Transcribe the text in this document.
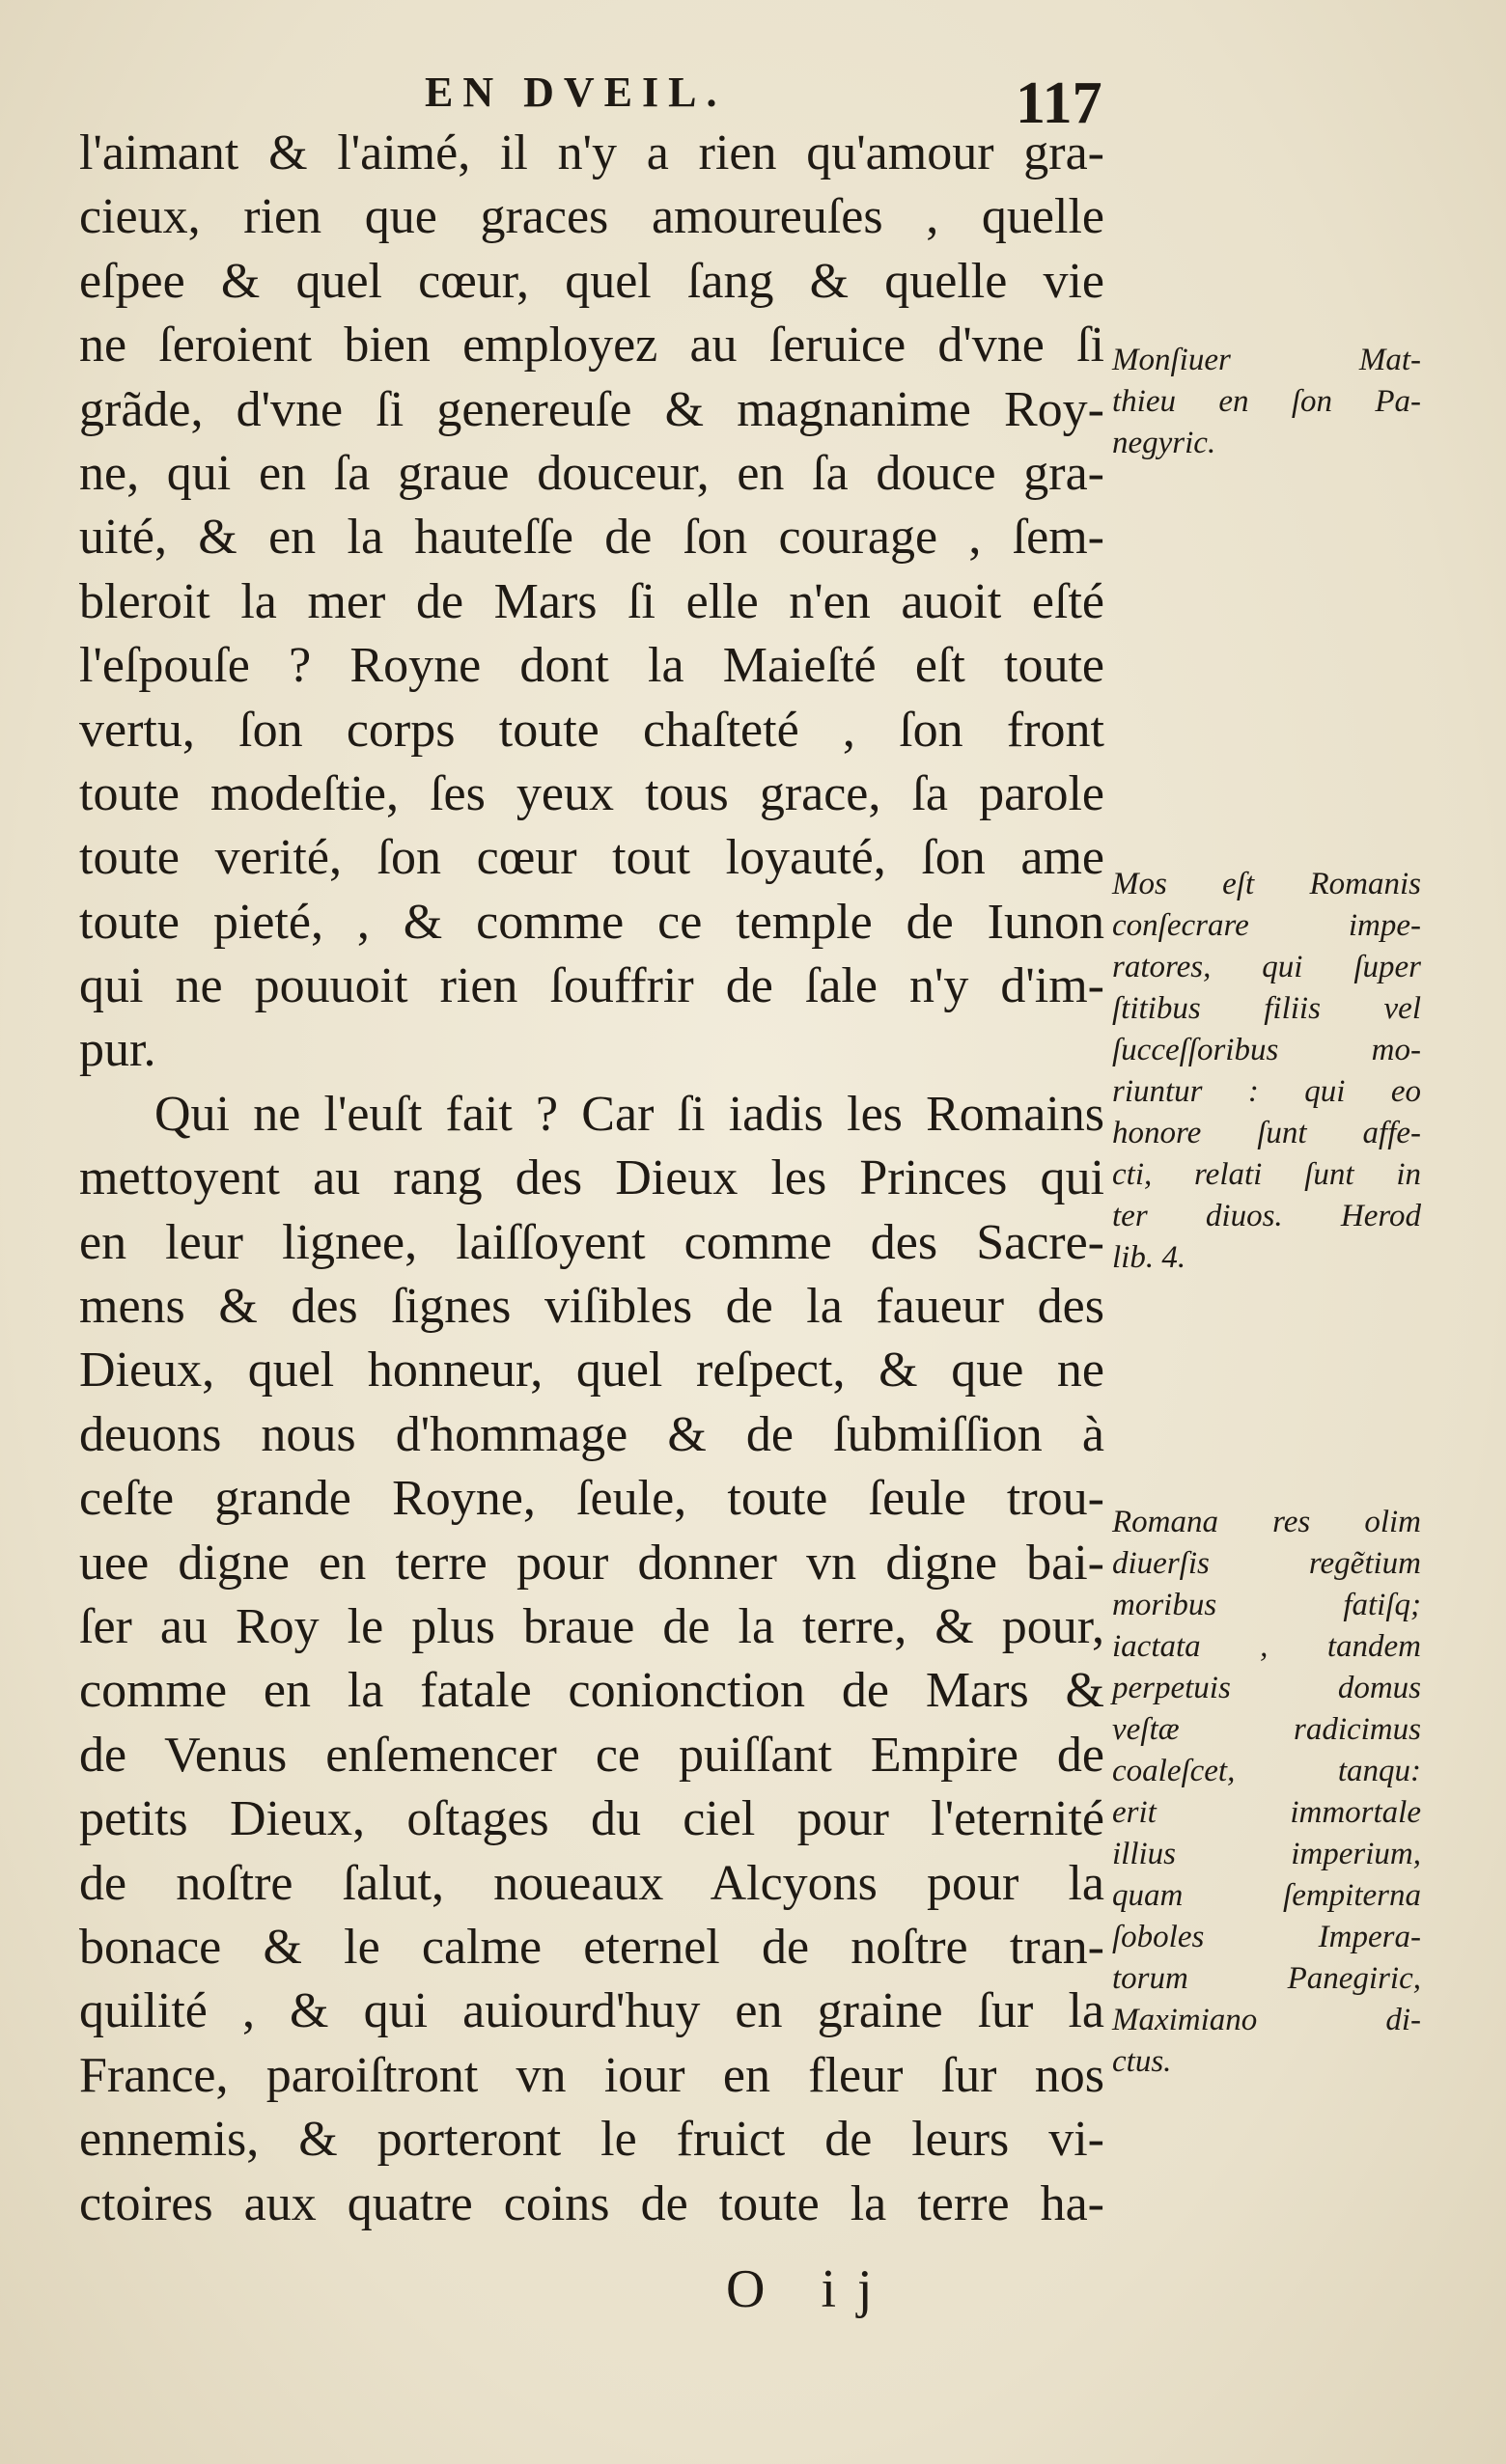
EN DVEIL.	117
l'aimant & l'aimé, il n'y a rien qu'amour gra-
cieux, rien que graces amoureuſes , quelle
eſpee & quel cœur, quel ſang & quelle vie
ne ſeroient bien employez au ſeruice d'vne ſi
grãde, d'vne ſi genereuſe & magnanime Roy-
ne, qui en ſa graue douceur, en ſa douce gra-
uité, & en la hauteſſe de ſon courage , ſem-
bleroit la mer de Mars ſi elle n'en auoit eſté
l'eſpouſe ? Royne dont la Maieſté eſt toute
vertu, ſon corps toute chaſteté , ſon front
toute modeſtie, ſes yeux tous grace, ſa parole
toute verité, ſon cœur tout loyauté, ſon ame
toute pieté, , & comme ce temple de Iunon
qui ne pouuoit rien ſouffrir de ſale n'y d'im-
pur.
Qui ne l'euſt fait ? Car ſi iadis les Romains
mettoyent au rang des Dieux les Princes qui
en leur lignee, laiſſoyent comme des Sacre-
mens & des ſignes viſibles de la faueur des
Dieux, quel honneur, quel reſpect, & que ne
deuons nous d'hommage & de ſubmiſſion à
ceſte grande Royne, ſeule, toute ſeule trou-
uee digne en terre pour donner vn digne bai-
ſer au Roy le plus braue de la terre, & pour,
comme en la fatale conionction de Mars &
de Venus enſemencer ce puiſſant Empire de
petits Dieux, oſtages du ciel pour l'eternité
de noſtre ſalut, noueaux Alcyons pour la
bonace & le calme eternel de noſtre tran-
quilité , & qui auiourd'huy en graine ſur la
France, paroiſtront vn iour en fleur ſur nos
ennemis, & porteront le fruict de leurs vi-
ctoires aux quatre coins de toute la terre ha-
Monſiuer Mat-
thieu en ſon Pa-
negyric.
Mos eſt Romanis
conſecrare impe-
ratores, qui ſuper
ſtitibus filiis vel
ſucceſſoribus mo-
riuntur : qui eo
honore ſunt affe-
cti, relati ſunt in
ter diuos. Herod
lib. 4.
Romana res olim
diuerſis regẽtium
moribus fatiſq;
iactata , tandem
perpetuis domus
veſtæ radicimus
coaleſcet, tanqu:
erit immortale
illius imperium,
quam ſempiterna
ſoboles Impera-
torum Panegiric,
Maximiano di-
ctus.
O ij
